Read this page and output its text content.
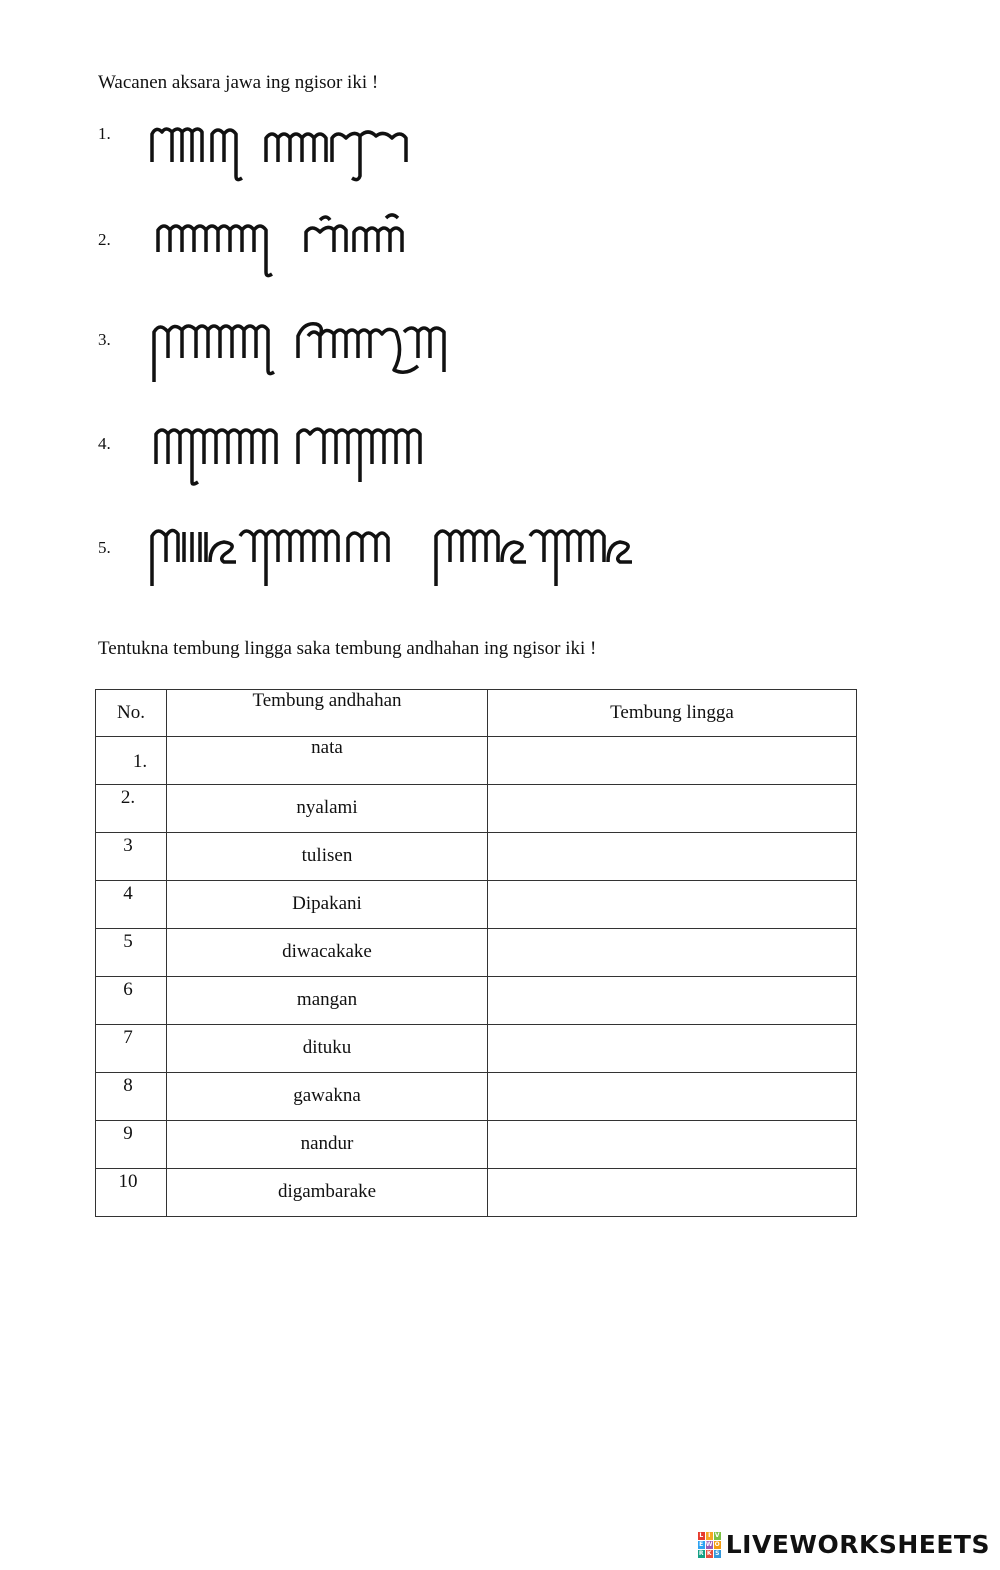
Wacanen aksara jawa ing ngisor iki !
1.
2.
3.
4.
5.
Tentukna tembung lingga saka tembung andhahan ing ngisor iki !
No.	Tembung andhahan	Tembung lingga
1.	nata	

2.	nyalami	

3	tulisen	

4	Dipakani	

5	diwacakake	

6	mangan	

7	dituku	

8	gawakna	

9	nandur	

10	digambarake	

L I V
E W O
R K S LIVEWORKSHEETS
